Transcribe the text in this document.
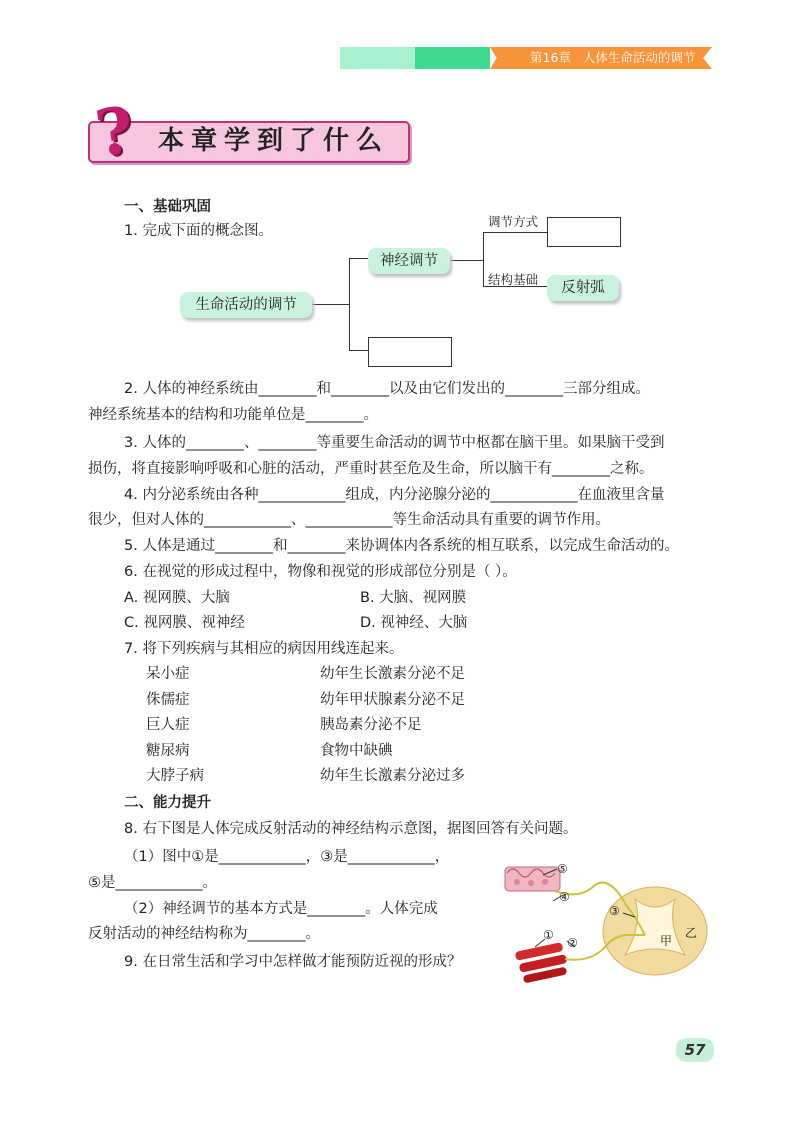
第16章 人体生命活动的调节
? 本章学到了什么
一、基础巩固
1. 完成下面的概念图。
生命活动的调节
神经调节
调节方式
结构基础
反射弧
2. 人体的神经系统由________和________以及由它们发出的________三部分组成。
神经系统基本的结构和功能单位是________。
3. 人体的________、________等重要生命活动的调节中枢都在脑干里。如果脑干受到
损伤，将直接影响呼吸和心脏的活动，严重时甚至危及生命，所以脑干有________之称。
4. 内分泌系统由各种____________组成，内分泌腺分泌的____________在血液里含量
很少，但对人体的____________、____________等生命活动具有重要的调节作用。
5. 人体是通过________和________来协调体内各系统的相互联系，以完成生命活动的。
6. 在视觉的形成过程中，物像和视觉的形成部位分别是（ ）。
A. 视网膜、大脑	B. 大脑、视网膜
C. 视网膜、视神经	D. 视神经、大脑
7. 将下列疾病与其相应的病因用线连起来。
呆小症
侏儒症
巨人症
糖尿病
大脖子病
幼年生长激素分泌不足
幼年甲状腺素分泌不足
胰岛素分泌不足
食物中缺碘
幼年生长激素分泌过多
二、能力提升
8. 右下图是人体完成反射活动的神经结构示意图，据图回答有关问题。
（1）图中①是____________，③是____________，
⑤是____________。
（2）神经调节的基本方式是________。人体完成
反射活动的神经结构称为________。
9. 在日常生活和学习中怎样做才能预防近视的形成？
⑤
④
①
②
③
甲
乙
57
